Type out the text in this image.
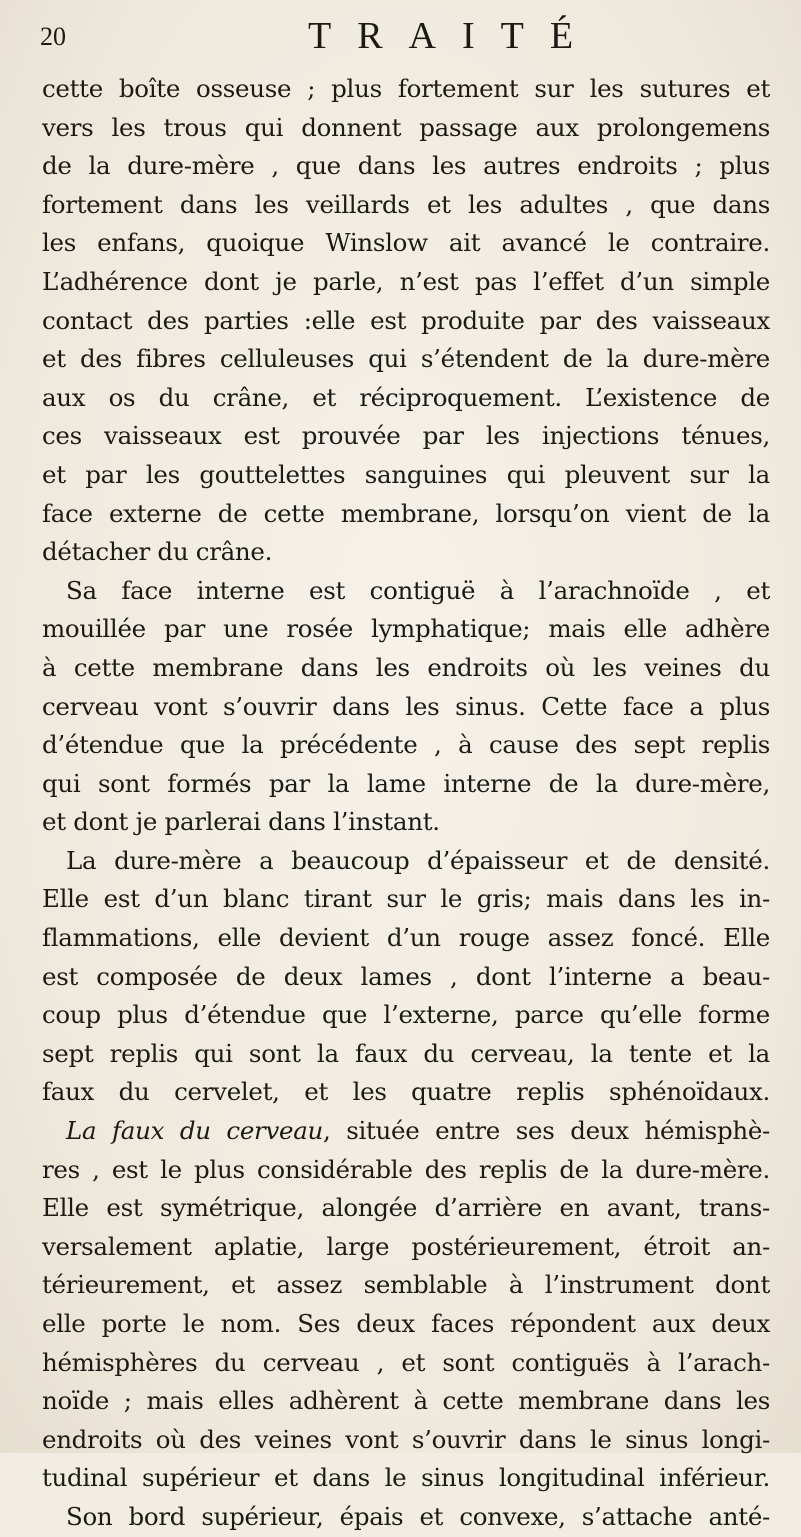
20	TRAITÉ
cette boîte osseuse ; plus fortement sur les sutures et
vers les trous qui donnent passage aux prolongemens
de la dure-mère , que dans les autres endroits ; plus
fortement dans les veillards et les adultes , que dans
les enfans, quoique Winslow ait avancé le contraire.
L’adhérence dont je parle, n’est pas l’effet d’un simple
contact des parties :elle est produite par des vaisseaux
et des fibres celluleuses qui s’étendent de la dure-mère
aux os du crâne, et réciproquement. L’existence de
ces vaisseaux est prouvée par les injections ténues,
et par les gouttelettes sanguines qui pleuvent sur la
face externe de cette membrane, lorsqu’on vient de la
détacher du crâne.
Sa face interne est contiguë à l’arachnoïde , et
mouillée par une rosée lymphatique; mais elle adhère
à cette membrane dans les endroits où les veines du
cerveau vont s’ouvrir dans les sinus. Cette face a plus
d’étendue que la précédente , à cause des sept replis
qui sont formés par la lame interne de la dure-mère,
et dont je parlerai dans l’instant.
La dure-mère a beaucoup d’épaisseur et de densité.
Elle est d’un blanc tirant sur le gris; mais dans les in-
flammations, elle devient d’un rouge assez foncé. Elle
est composée de deux lames , dont l’interne a beau-
coup plus d’étendue que l’externe, parce qu’elle forme
sept replis qui sont la faux du cerveau, la tente et la
faux du cervelet, et les quatre replis sphénoïdaux.
La faux du cerveau, située entre ses deux hémisphè-
res , est le plus considérable des replis de la dure-mère.
Elle est symétrique, alongée d’arrière en avant, trans-
versalement aplatie, large postérieurement, étroit an-
térieurement, et assez semblable à l’instrument dont
elle porte le nom. Ses deux faces répondent aux deux
hémisphères du cerveau , et sont contiguës à l’arach-
noïde ; mais elles adhèrent à cette membrane dans les
endroits où des veines vont s’ouvrir dans le sinus longi-
tudinal supérieur et dans le sinus longitudinal inférieur.
Son bord supérieur, épais et convexe, s’attache anté-
